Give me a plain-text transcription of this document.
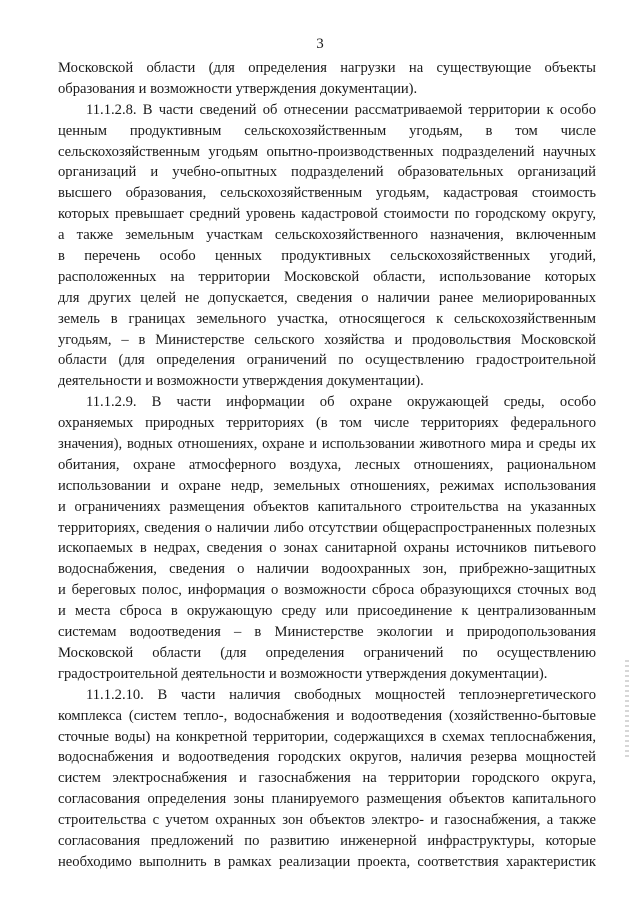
3
Московской области (для определения нагрузки на существующие объекты
образования и возможности утверждения документации).
11.1.2.8. В части сведений об отнесении рассматриваемой территории к особо
ценным продуктивным сельскохозяйственным угодьям, в том числе
сельскохозяйственным угодьям опытно-производственных подразделений научных
организаций и учебно-опытных подразделений образовательных организаций
высшего образования, сельскохозяйственным угодьям, кадастровая стоимость
которых превышает средний уровень кадастровой стоимости по городскому округу,
а также земельным участкам сельскохозяйственного назначения, включенным
в перечень особо ценных продуктивных сельскохозяйственных угодий,
расположенных на территории Московской области, использование которых
для других целей не допускается, сведения о наличии ранее мелиорированных
земель в границах земельного участка, относящегося к сельскохозяйственным
угодьям, – в Министерстве сельского хозяйства и продовольствия Московской
области (для определения ограничений по осуществлению градостроительной
деятельности и возможности утверждения документации).
11.1.2.9. В части информации об охране окружающей среды, особо
охраняемых природных территориях (в том числе территориях федерального
значения), водных отношениях, охране и использовании животного мира и среды их
обитания, охране атмосферного воздуха, лесных отношениях, рациональном
использовании и охране недр, земельных отношениях, режимах использования
и ограничениях размещения объектов капитального строительства на указанных
территориях, сведения о наличии либо отсутствии общераспространенных полезных
ископаемых в недрах, сведения о зонах санитарной охраны источников питьевого
водоснабжения, сведения о наличии водоохранных зон, прибрежно-защитных
и береговых полос, информация о возможности сброса образующихся сточных вод
и места сброса в окружающую среду или присоединение к централизованным
системам водоотведения – в Министерстве экологии и природопользования
Московской области (для определения ограничений по осуществлению
градостроительной деятельности и возможности утверждения документации).
11.1.2.10. В части наличия свободных мощностей теплоэнергетического
комплекса (систем тепло-, водоснабжения и водоотведения (хозяйственно-бытовые
сточные воды) на конкретной территории, содержащихся в схемах теплоснабжения,
водоснабжения и водоотведения городских округов, наличия резерва мощностей
систем электроснабжения и газоснабжения на территории городского округа,
согласования определения зоны планируемого размещения объектов капитального
строительства с учетом охранных зон объектов электро- и газоснабжения, а также
согласования предложений по развитию инженерной инфраструктуры, которые
необходимо выполнить в рамках реализации проекта, соответствия характеристик
